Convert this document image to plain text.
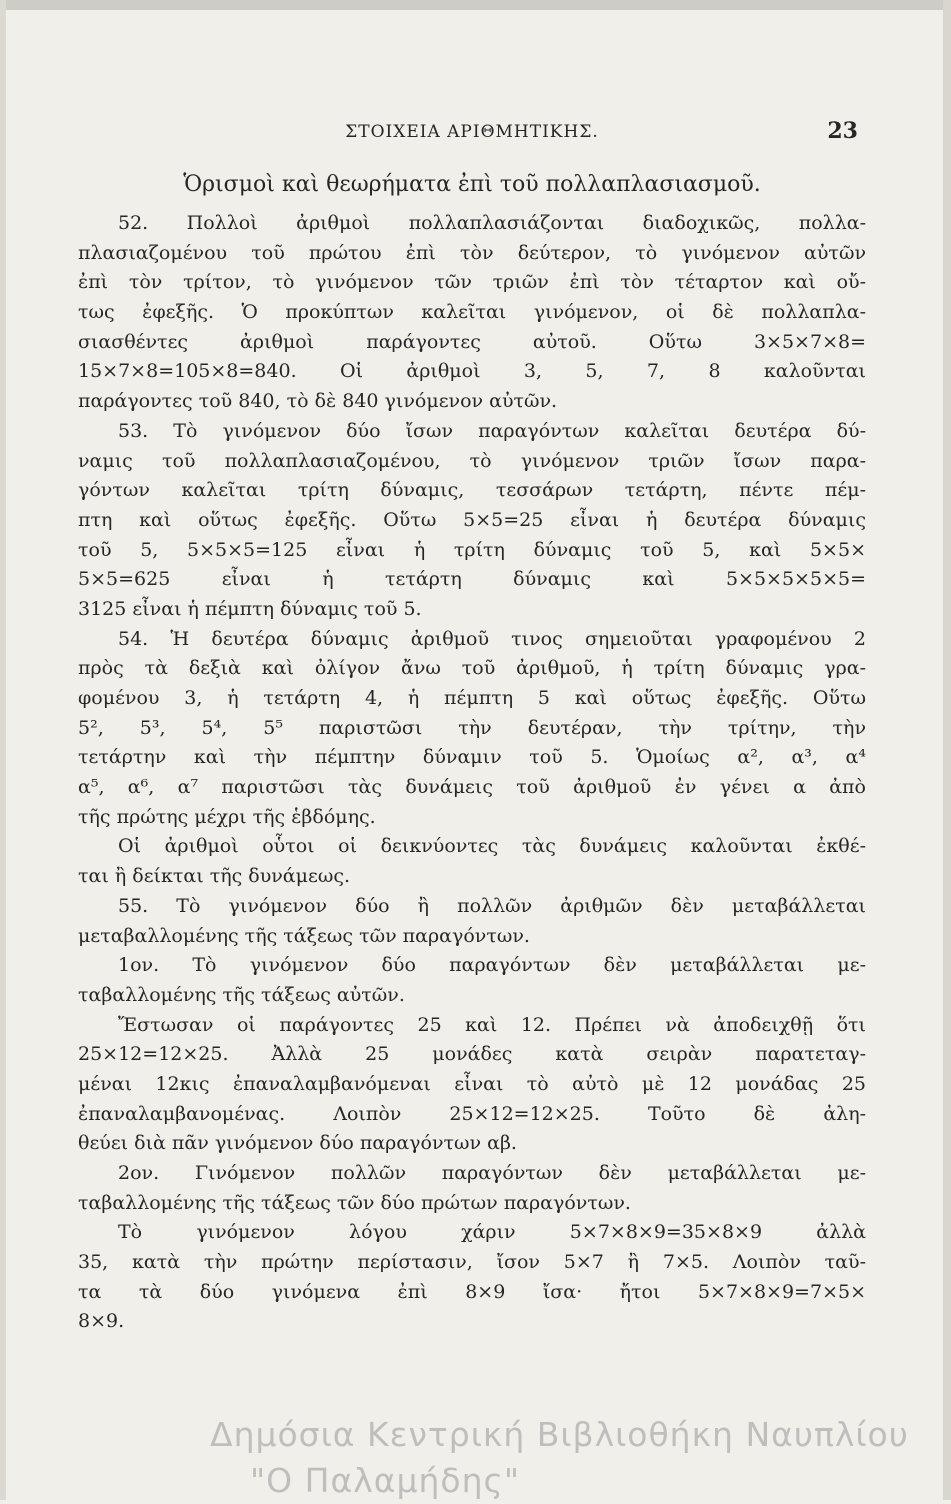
ΣΤΟΙΧΕΙΑ ΑΡΙΘΜΗΤΙΚΗΣ.	23
Ὁρισμοὶ καὶ θεωρήματα ἐπὶ τοῦ πολλαπλασιασμοῦ.
52. Πολλοὶ ἀριθμοὶ πολλαπλασιάζονται διαδοχικῶς, πολλα-
πλασιαζομένου τοῦ πρώτου ἐπὶ τὸν δεύτερον, τὸ γινόμενον αὐτῶν
ἐπὶ τὸν τρίτον, τὸ γινόμενον τῶν τριῶν ἐπὶ τὸν τέταρτον καὶ οὔ-
τως ἐφεξῆς. Ὁ προκύπτων καλεῖται γινόμενον, οἱ δὲ πολλαπλα-
σιασθέντες ἀριθμοὶ παράγοντες αὐτοῦ. Οὕτω 3×5×7×8=
15×7×8=105×8=840. Οἱ ἀριθμοὶ 3, 5, 7, 8 καλοῦνται
παράγοντες τοῦ 840, τὸ δὲ 840 γινόμενον αὐτῶν.
53. Τὸ γινόμενον δύο ἴσων παραγόντων καλεῖται δευτέρα δύ-
ναμις τοῦ πολλαπλασιαζομένου, τὸ γινόμενον τριῶν ἴσων παρα-
γόντων καλεῖται τρίτη δύναμις, τεσσάρων τετάρτη, πέντε πέμ-
πτη καὶ οὕτως ἐφεξῆς. Οὕτω 5×5=25 εἶναι ἡ δευτέρα δύναμις
τοῦ 5, 5×5×5=125 εἶναι ἡ τρίτη δύναμις τοῦ 5, καὶ 5×5×
5×5=625 εἶναι ἡ τετάρτη δύναμις καὶ 5×5×5×5×5=
3125 εἶναι ἡ πέμπτη δύναμις τοῦ 5.
54. Ἡ δευτέρα δύναμις ἀριθμοῦ τινος σημειοῦται γραφομένου 2
πρὸς τὰ δεξιὰ καὶ ὀλίγον ἄνω τοῦ ἀριθμοῦ, ἡ τρίτη δύναμις γρα-
φομένου 3, ἡ τετάρτη 4, ἡ πέμπτη 5 καὶ οὕτως ἐφεξῆς. Οὕτω
5², 5³, 5⁴, 5⁵ παριστῶσι τὴν δευτέραν, τὴν τρίτην, τὴν
τετάρτην καὶ τὴν πέμπτην δύναμιν τοῦ 5. Ὁμοίως α², α³, α⁴
α⁵, α⁶, α⁷ παριστῶσι τὰς δυνάμεις τοῦ ἀριθμοῦ ἐν γένει α ἀπὸ
τῆς πρώτης μέχρι τῆς ἑβδόμης.
Οἱ ἀριθμοὶ οὗτοι οἱ δεικνύοντες τὰς δυνάμεις καλοῦνται ἐκθέ-
ται ἢ δείκται τῆς δυνάμεως.
55. Τὸ γινόμενον δύο ἢ πολλῶν ἀριθμῶν δὲν μεταβάλλεται
μεταβαλλομένης τῆς τάξεως τῶν παραγόντων.
1ον. Τὸ γινόμενον δύο παραγόντων δὲν μεταβάλλεται με-
ταβαλλομένης τῆς τάξεως αὐτῶν.
Ἔστωσαν οἱ παράγοντες 25 καὶ 12. Πρέπει νὰ ἀποδειχθῇ ὅτι
25×12=12×25. Ἀλλὰ 25 μονάδες κατὰ σειρὰν παρατεταγ-
μέναι 12κις ἐπαναλαμβανόμεναι εἶναι τὸ αὐτὸ μὲ 12 μονάδας 25
ἐπαναλαμβανομένας. Λοιπὸν 25×12=12×25. Τοῦτο δὲ ἀλη-
θεύει διὰ πᾶν γινόμενον δύο παραγόντων αβ.
2ον. Γινόμενον πολλῶν παραγόντων δὲν μεταβάλλεται με-
ταβαλλομένης τῆς τάξεως τῶν δύο πρώτων παραγόντων.
Τὸ γινόμενον λόγου χάριν 5×7×8×9=35×8×9 ἀλλὰ
35, κατὰ τὴν πρώτην περίστασιν, ἴσον 5×7 ἢ 7×5. Λοιπὸν ταῦ-
τα τὰ δύο γινόμενα ἐπὶ 8×9 ἴσα· ἤτοι 5×7×8×9=7×5×
8×9.
Δημόσια Κεντρική Βιβλιοθήκη Ναυπλίου
"Ο Παλαμήδης"
